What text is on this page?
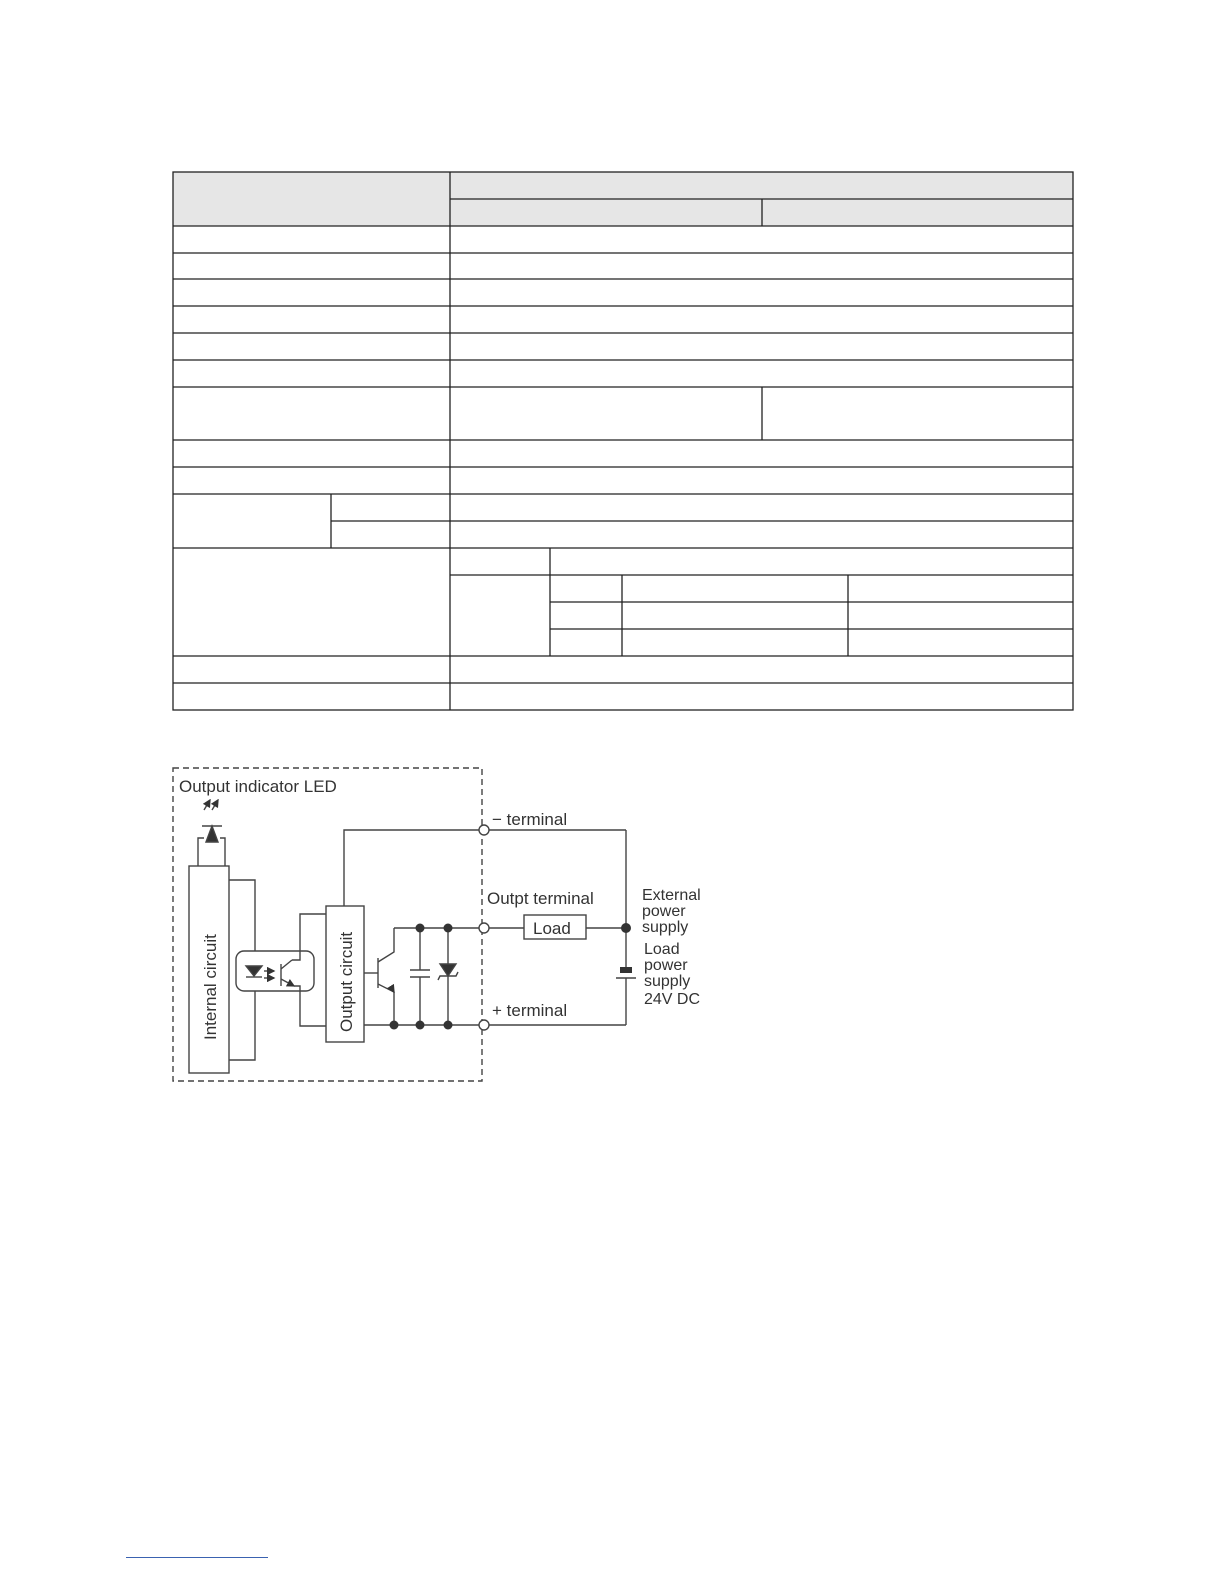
Output indicator LED
Internal circuit	Output circuit
− terminal
Outpt terminal
Load
+ terminal
External power supply
Load power supply 24V DC
